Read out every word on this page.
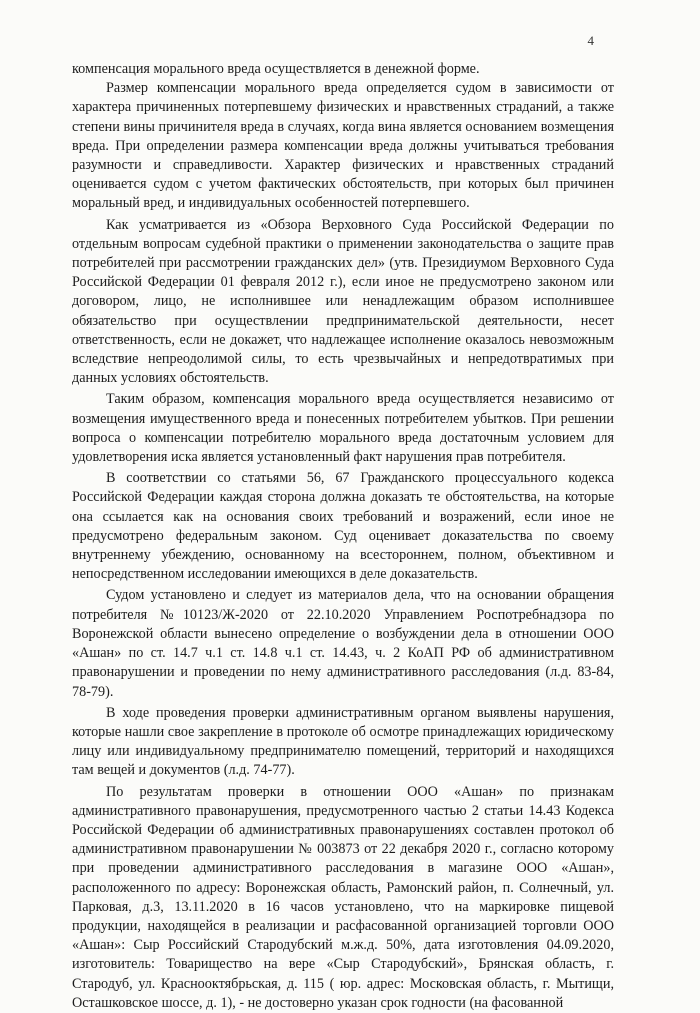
4

компенсация морального вреда осуществляется в денежной форме.

Размер компенсации морального вреда определяется судом в зависимости от характера причиненных потерпевшему физических и нравственных страданий, а также степени вины причинителя вреда в случаях, когда вина является основанием возмещения вреда. При определении размера компенсации вреда должны учитываться требования разумности и справедливости. Характер физических и нравственных страданий оценивается судом с учетом фактических обстоятельств, при которых был причинен моральный вред, и индивидуальных особенностей потерпевшего.

Как усматривается из «Обзора Верховного Суда Российской Федерации по отдельным вопросам судебной практики о применении законодательства о защите прав потребителей при рассмотрении гражданских дел» (утв. Президиумом Верховного Суда Российской Федерации 01 февраля 2012 г.), если иное не предусмотрено законом или договором, лицо, не исполнившее или ненадлежащим образом исполнившее обязательство при осуществлении предпринимательской деятельности, несет ответственность, если не докажет, что надлежащее исполнение оказалось невозможным вследствие непреодолимой силы, то есть чрезвычайных и непредотвратимых при данных условиях обстоятельств.

Таким образом, компенсация морального вреда осуществляется независимо от возмещения имущественного вреда и понесенных потребителем убытков. При решении вопроса о компенсации потребителю морального вреда достаточным условием для удовлетворения иска является установленный факт нарушения прав потребителя.

В соответствии со статьями 56, 67 Гражданского процессуального кодекса Российской Федерации каждая сторона должна доказать те обстоятельства, на которые она ссылается как на основания своих требований и возражений, если иное не предусмотрено федеральным законом. Суд оценивает доказательства по своему внутреннему убеждению, основанному на всестороннем, полном, объективном и непосредственном исследовании имеющихся в деле доказательств.

Судом установлено и следует из материалов дела, что на основании обращения потребителя №10123/Ж-2020 от 22.10.2020 Управлением Роспотребнадзора по Воронежской области вынесено определение о возбуждении дела в отношении ООО «Ашан» по ст. 14.7 ч.1 ст. 14.8 ч.1 ст. 14.43, ч. 2 КоАП РФ об административном правонарушении и проведении по нему административного расследования (л.д. 83-84, 78-79).

В ходе проведения проверки административным органом выявлены нарушения, которые нашли свое закрепление в протоколе об осмотре принадлежащих юридическому лицу или индивидуальному предпринимателю помещений, территорий и находящихся там вещей и документов (л.д. 74-77).

По результатам проверки в отношении ООО «Ашан» по признакам административного правонарушения, предусмотренного частью 2 статьи 14.43 Кодекса Российской Федерации об административных правонарушениях составлен протокол об административном правонарушении № 003873 от 22 декабря 2020 г., согласно которому при проведении административного расследования в магазине ООО «Ашан», расположенного по адресу: Воронежская область, Рамонский район, п. Солнечный, ул. Парковая, д.3, 13.11.2020 в 16 часов установлено, что на маркировке пищевой продукции, находящейся в реализации и расфасованной организацией торговли ООО «Ашан»: Сыр Российский Стародубский м.ж.д. 50%, дата изготовления 04.09.2020, изготовитель: Товарищество на вере «Сыр Стародубский», Брянская область, г. Стародуб, ул. Краснооктябрьская, д. 115 ( юр. адрес: Московская область, г. Мытищи, Осташковское шоссе, д. 1), - не достоверно указан срок годности (на фасованной
